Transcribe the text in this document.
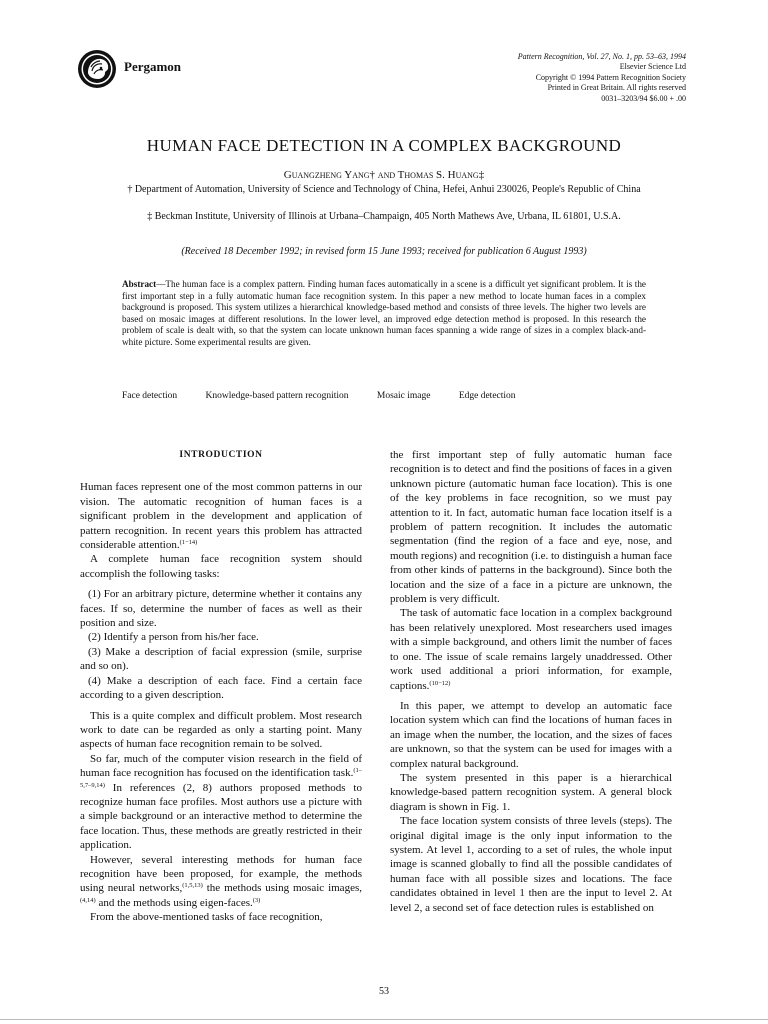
Pergamon
Pattern Recognition, Vol. 27, No. 1, pp. 53–63, 1994
Elsevier Science Ltd
Copyright © 1994 Pattern Recognition Society
Printed in Great Britain. All rights reserved
0031–3203/94 $6.00 + .00
HUMAN FACE DETECTION IN A COMPLEX BACKGROUND
Guangzheng Yang† and Thomas S. Huang‡
† Department of Automation, University of Science and Technology of China, Hefei, Anhui 230026, People's Republic of China
‡ Beckman Institute, University of Illinois at Urbana–Champaign, 405 North Mathews Ave, Urbana, IL 61801, U.S.A.
(Received 18 December 1992; in revised form 15 June 1993; received for publication 6 August 1993)
Abstract—The human face is a complex pattern. Finding human faces automatically in a scene is a difficult yet significant problem. It is the first important step in a fully automatic human face recognition system. In this paper a new method to locate human faces in a complex background is proposed. This system utilizes a hierarchical knowledge-based method and consists of three levels. The higher two levels are based on mosaic images at different resolutions. In the lower level, an improved edge detection method is proposed. In this research the problem of scale is dealt with, so that the system can locate unknown human faces spanning a wide range of sizes in a complex black-and-white picture. Some experimental results are given.
Face detection	Knowledge-based pattern recognition	Mosaic image	Edge detection
INTRODUCTION

Human faces represent one of the most common patterns in our vision. The automatic recognition of human faces is a significant problem in the development and application of pattern recognition. In recent years this problem has attracted considerable attention.$^{(1-14)}$

A complete human face recognition system should accomplish the following tasks:

(1) For an arbitrary picture, determine whether it contains any faces. If so, determine the number of faces as well as their position and size.

(2) Identify a person from his/her face.

(3) Make a description of facial expression (smile, surprise and so on).

(4) Make a description of each face. Find a certain face according to a given description.

This is a quite complex and difficult problem. Most research work to date can be regarded as only a starting point. Many aspects of human face recognition remain to be solved.

So far, much of the computer vision research in the field of human face recognition has focused on the identification task.$^{(1-5,7-9,14)}$ In references (2, 8) authors proposed methods to recognize human face profiles. Most authors use a picture with a simple background or an interactive method to determine the face location. Thus, these methods are greatly restricted in their application.

However, several interesting methods for human face recognition have been proposed, for example, the methods using neural networks,$^{(1,5,13)}$ the methods using mosaic images,$^{(4,14)}$ and the methods using eigen-faces.$^{(3)}$

From the above-mentioned tasks of face recognition,

the first important step of fully automatic human face recognition is to detect and find the positions of faces in a given unknown picture (automatic human face location). This is one of the key problems in face recognition, so we must pay attention to it. In fact, automatic human face location itself is a problem of pattern recognition. It includes the automatic segmentation (find the region of a face and eye, nose, and mouth regions) and recognition (i.e. to distinguish a human face from other kinds of patterns in the background). Since both the location and the size of a face in a picture are unknown, the problem is very difficult.

The task of automatic face location in a complex background has been relatively unexplored. Most researchers used images with a simple background, and others limit the number of faces to one. The issue of scale remains largely unaddressed. Other work used additional a priori information, for example, captions.$^{(10-12)}$

In this paper, we attempt to develop an automatic face location system which can find the locations of human faces in an image when the number, the location, and the sizes of faces are unknown, so that the system can be used for images with a complex natural background.

The system presented in this paper is a hierarchical knowledge-based pattern recognition system. A general block diagram is shown in Fig. 1.

The face location system consists of three levels (steps). The original digital image is the only input information to the system. At level 1, according to a set of rules, the whole input image is scanned globally to find all the possible candidates of human face with all possible sizes and locations. The face candidates obtained in level 1 then are the input to level 2. At level 2, a second set of face detection rules is established on

53
